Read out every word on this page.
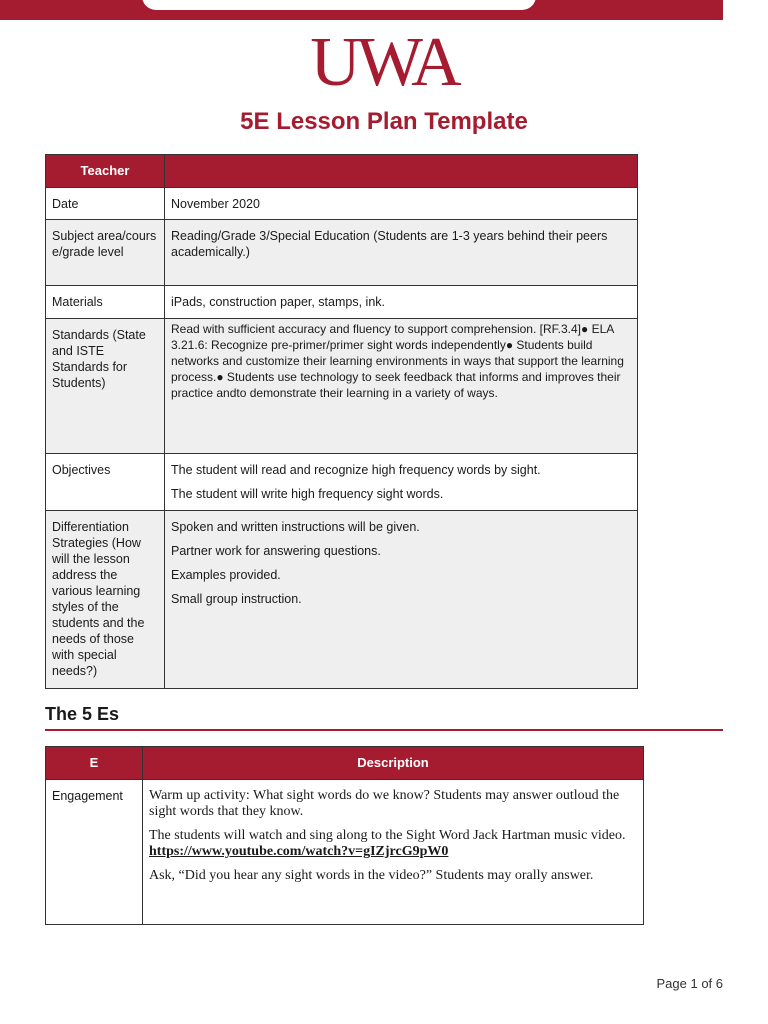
UWA
5E Lesson Plan Template
Teacher	
Date	November 2020
Subject area/course/grade level	Reading/Grade 3/Special Education (Students are 1-3 years behind their peers academically.)
Materials	iPads, construction paper, stamps, ink.
Standards (State and ISTE Standards for Students)	Read with sufficient accuracy and fluency to support comprehension. [RF.3.4]● ELA 3.21.6: Recognize pre-primer/primer sight words independently● Students build networks and customize their learning environments in ways that support the learning process.● Students use technology to seek feedback that informs and improves their practice andto demonstrate their learning in a variety of ways.
Objectives	The student will read and recognize high frequency words by sight.

The student will write high frequency sight words.

Differentiation Strategies (How will the lesson address the various learning styles of the students and the needs of those with special needs?)	Spoken and written instructions will be given.

Partner work for answering questions.

Examples provided.

Small group instruction.

The 5 Es
E	Description
Engagement	Warm up activity: What sight words do we know? Students may answer outloud the sight words that they know.

The students will watch and sing along to the Sight Word Jack Hartman music video. https://www.youtube.com/watch?v=gIZjrcG9pW0

Ask, “Did you hear any sight words in the video?” Students may orally answer.

Page 1 of 6
